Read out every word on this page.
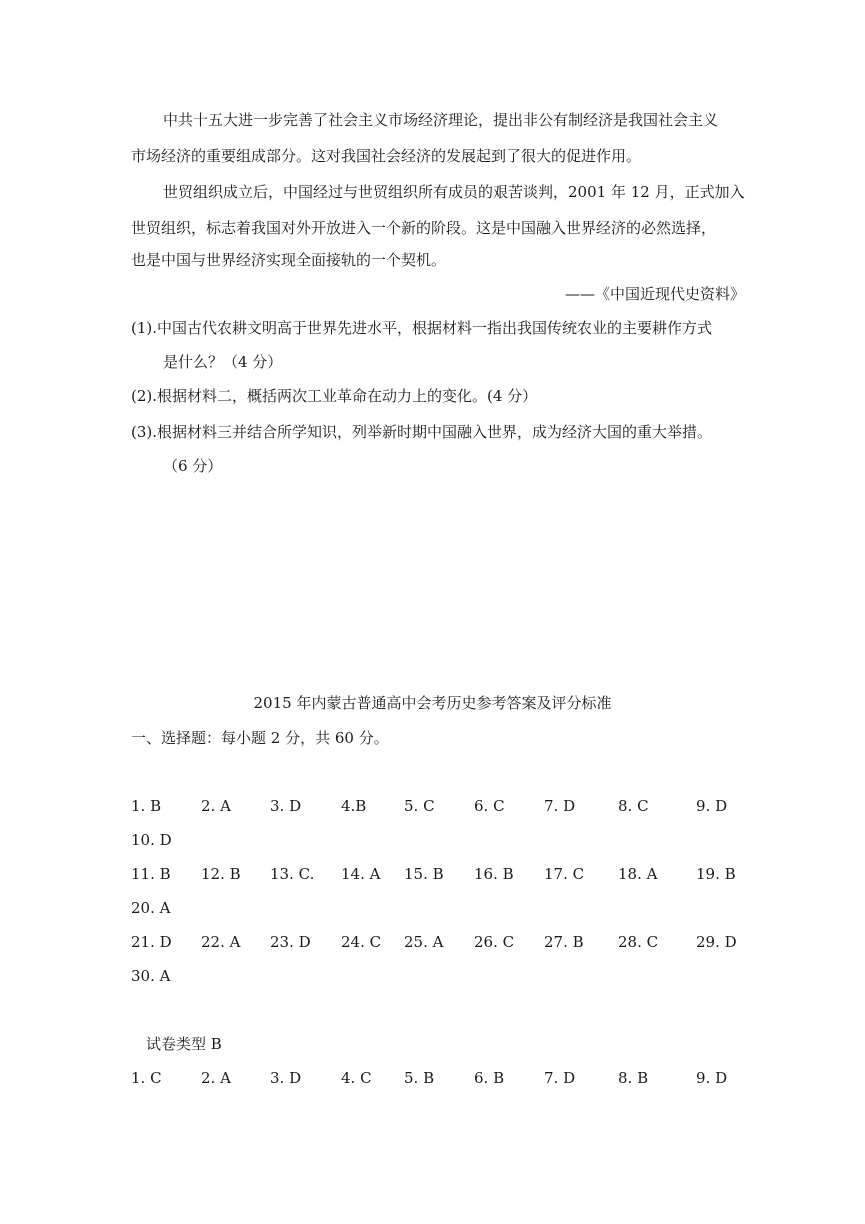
中共十五大进一步完善了社会主义市场经济理论，提出非公有制经济是我国社会主义
市场经济的重要组成部分。这对我国社会经济的发展起到了很大的促进作用。
世贸组织成立后，中国经过与世贸组织所有成员的艰苦谈判，2001 年 12 月，正式加入
世贸组织，标志着我国对外开放进入一个新的阶段。这是中国融入世界经济的必然选择，
也是中国与世界经济实现全面接轨的一个契机。
——《中国近现代史资料》
(1).中国古代农耕文明高于世界先进水平，根据材料一指出我国传统农业的主要耕作方式
是什么？（4 分）
(2).根据材料二，概括两次工业革命在动力上的变化。(4 分）
(3).根据材料三并结合所学知识，列举新时期中国融入世界，成为经济大国的重大举措。
（6 分）
2015 年内蒙古普通高中会考历史参考答案及评分标准
一、选择题：每小题 2 分，共 60 分。
1. B	2. A	3. D	4.B	5. C	6. C	7. D	8. C	9. D
10. D
11. B 12. B 13. C. 14. A 15. B 16. B 17. C 18. A	19. B
20. A
21. D 22. A 23. D 24. C 25. A 26. C 27. B 28. C	29. D
30. A
试卷类型 B
1. C	2. A	3. D	4. C 5. B	6. B	7. D	8. B	9. D
